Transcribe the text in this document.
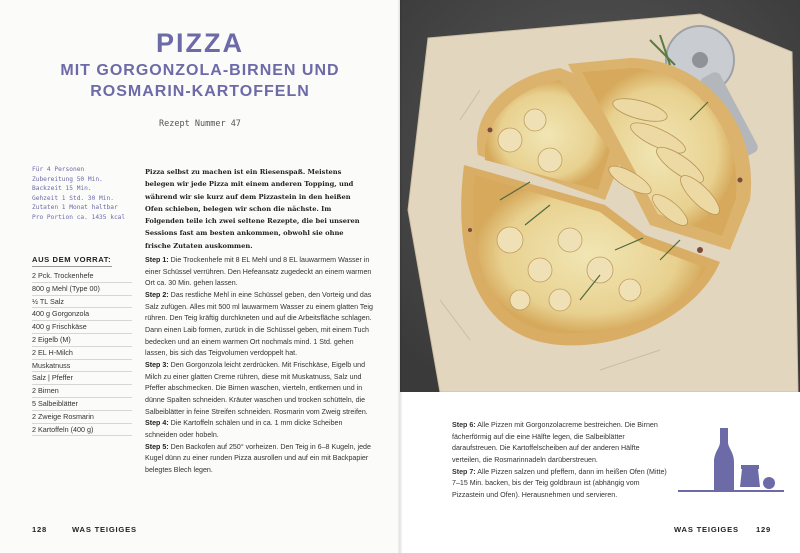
PIZZA
MIT GORGONZOLA-BIRNEN UND
ROSMARIN-KARTOFFELN
Rezept Nummer 47
Für 4 Personen
Zubereitung 50 Min.
Backzeit 15 Min.
Gehzeit 1 Std. 30 Min.
Zutaten 1 Monat haltbar
Pro Portion ca. 1435 kcal
Pizza selbst zu machen ist ein Riesenspaß. Meistens belegen wir jede Pizza mit einem anderen Topping, und während wir sie kurz auf dem Pizzastein in den heißen Ofen schieben, belegen wir schon die nächste. Im Folgenden teile ich zwei seltene Rezepte, die bei unseren Sessions fast am besten ankommen, obwohl sie ohne frische Zutaten auskommen.
AUS DEM VORRAT:
2 Pck. Trockenhefe
800 g Mehl (Type 00)
½ TL Salz
400 g Gorgonzola
400 g Frischkäse
2 Eigelb (M)
2 EL H-Milch
Muskatnuss
Salz | Pfeffer
2 Birnen
5 Salbeiblätter
2 Zweige Rosmarin
2 Kartoffeln (400 g)

Step 1: Die Trockenhefe mit 8 EL Mehl und 8 EL lauwarmem Wasser in einer Schüssel verrühren. Den Hefeansatz zugedeckt an einem warmen Ort ca. 30 Min. gehen lassen.

Step 2: Das restliche Mehl in eine Schüssel geben, den Vorteig und das Salz zufügen. Alles mit 500 ml lauwarmem Wasser zu einem glatten Teig rühren. Den Teig kräftig durchkneten und auf die Arbeitsfläche schlagen. Dann einen Laib formen, zurück in die Schüssel geben, mit einem Tuch bedecken und an einem warmen Ort nochmals mind. 1 Std. gehen lassen, bis sich das Teigvolumen verdoppelt hat.

Step 3: Den Gorgonzola leicht zerdrücken. Mit Frischkäse, Eigelb und Milch zu einer glatten Creme rühren, diese mit Muskatnuss, Salz und Pfeffer abschmecken. Die Birnen waschen, vierteln, entkernen und in dünne Spalten schneiden. Kräuter waschen und trocken schütteln, die Salbeiblätter in feine Streifen schneiden. Rosmarin vom Zweig streifen.

Step 4: Die Kartoffeln schälen und in ca. 1 mm dicke Scheiben schneiden oder hobeln.

Step 5: Den Backofen auf 250° vorheizen. Den Teig in 6–8 Kugeln, jede Kugel dünn zu einer runden Pizza ausrollen und auf ein mit Backpapier belegtes Blech legen.

128	WAS TEIGIGES

Step 6: Alle Pizzen mit Gorgonzolacreme bestreichen. Die Birnen fächerförmig auf die eine Hälfte legen, die Salbeiblätter daraufstreuen. Die Kartoffelscheiben auf der anderen Hälfte verteilen, die Rosmarinnadeln darüberstreuen.

Step 7: Alle Pizzen salzen und pfeffern, dann im heißen Ofen (Mitte) 7–15 Min. backen, bis der Teig goldbraun ist (abhängig vom Pizzastein und Ofen). Herausnehmen und servieren.

WAS TEIGIGES 129
